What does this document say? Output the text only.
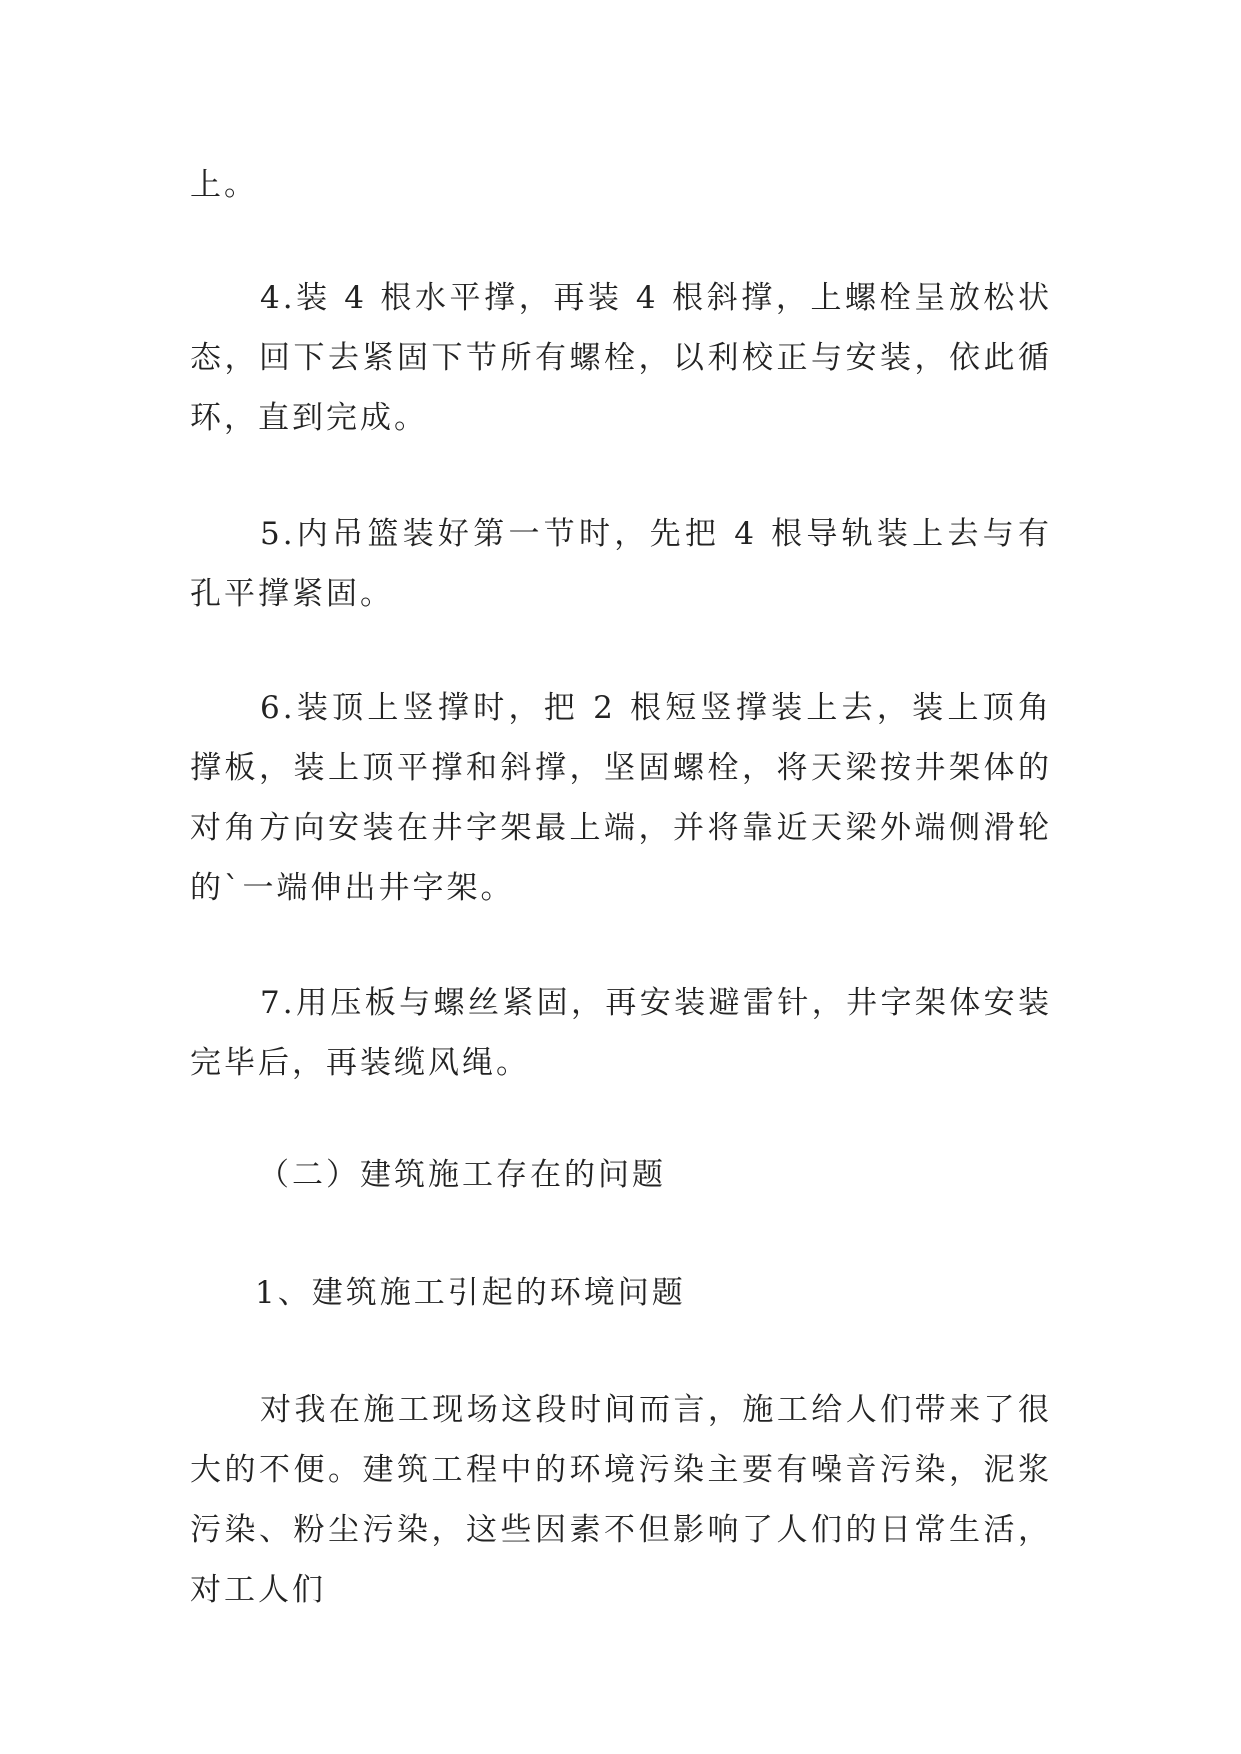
上。

4.装 4 根水平撑，再装 4 根斜撑，上螺栓呈放松状态，回下去紧固下节所有螺栓，以利校正与安装，依此循环，直到完成。

5.内吊篮装好第一节时，先把 4 根导轨装上去与有孔平撑紧固。

6.装顶上竖撑时，把 2 根短竖撑装上去，装上顶角撑板，装上顶平撑和斜撑，坚固螺栓，将天梁按井架体的对角方向安装在井字架最上端，并将靠近天梁外端侧滑轮的`一端伸出井字架。

7.用压板与螺丝紧固，再安装避雷针，井字架体安装完毕后，再装缆风绳。

（二）建筑施工存在的问题

1、建筑施工引起的环境问题

对我在施工现场这段时间而言，施工给人们带来了很大的不便。建筑工程中的环境污染主要有噪音污染，泥浆污染、粉尘污染，这些因素不但影响了人们的日常生活，对工人们
